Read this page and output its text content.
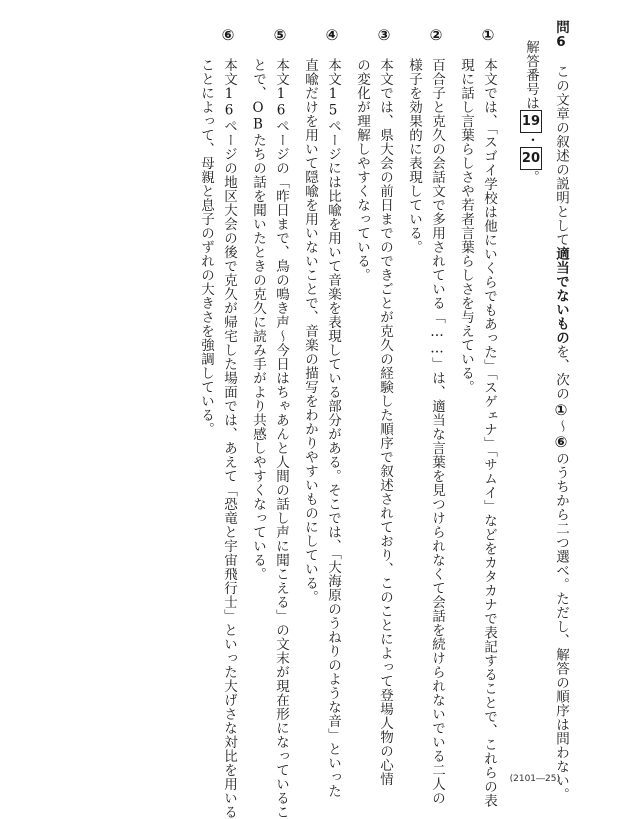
問6　この文章の叙述の説明として適当でないものを、次の①～⑥のうちから二つ選べ。ただし、解答の順序は問わない。
解答番号は19・20。
①
本文では、「スゴイ学校は他にいくらでもあった」「スゲェナ」「サムイ」などをカタカナで表記することで、これらの表
現に話し言葉らしさや若者言葉らしさを与えている。
②
百合子と克久の会話文で多用されている「……」は、適当な言葉を見つけられなくて会話を続けられないでいる二人の
様子を効果的に表現している。
③
本文では、県大会の前日までのできごとが克久の経験した順序で叙述されており、このことによって登場人物の心情
の変化が理解しやすくなっている。
④
本文15ページには比喩を用いて音楽を表現している部分がある。そこでは、「大海原のうねりのような音」といった
直喩だけを用いて隠喩を用いないことで、音楽の描写をわかりやすいものにしている。
⑤
本文16ページの「昨日まで、鳥の鳴き声～今日はちゃあんと人間の話し声に聞こえる」の文末が現在形になっているこ
とで、OBたちの話を聞いたときの克久に読み手がより共感しやすくなっている。
⑥
本文16ページの地区大会の後で克久が帰宅した場面では、あえて「恐竜と宇宙飛行士」といった大げさな対比を用いる
ことによって、母親と息子のずれの大きさを強調している。
(2101―25)
